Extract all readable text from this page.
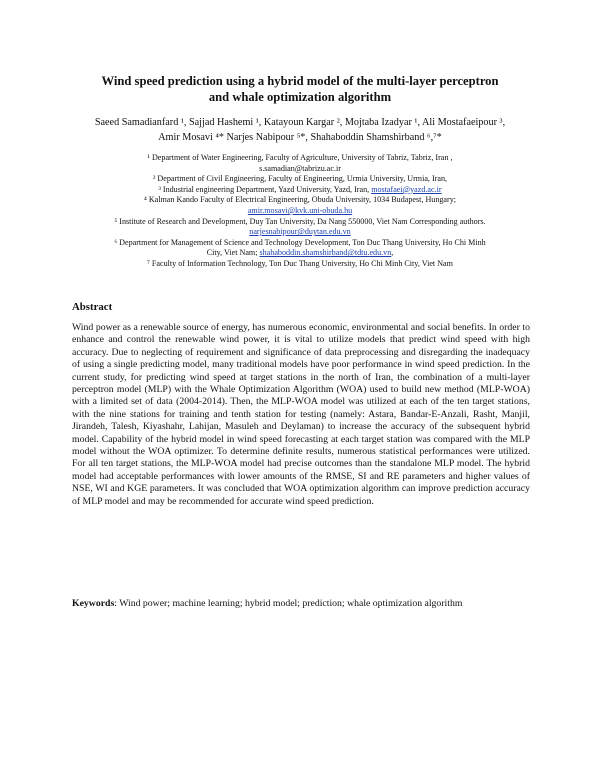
Wind speed prediction using a hybrid model of the multi-layer perceptron
and whale optimization algorithm
Saeed Samadianfard ¹, Sajjad Hashemi ¹, Katayoun Kargar ², Mojtaba Izadyar ¹, Ali Mostafaeipour ³,
Amir Mosavi ⁴* Narjes Nabipour ⁵*, Shahaboddin Shamshirband ⁶,⁷*
¹ Department of Water Engineering, Faculty of Agriculture, University of Tabriz, Tabriz, Iran ,
s.samadian@tabrizu.ac.ir
² Department of Civil Engineering, Faculty of Engineering, Urmia University, Urmia, Iran,
³ Industrial engineering Department, Yazd University, Yazd, Iran, mostafaei@yazd.ac.ir
⁴ Kalman Kando Faculty of Electrical Engineering, Obuda University, 1034 Budapest, Hungary;
amir.mosavi@kvk.uni-obuda.hu
⁵ Institute of Research and Development, Duy Tan University, Da Nang 550000, Viet Nam Corresponding authors.
narjesnabipour@duytan.edu.vn
⁶ Department for Management of Science and Technology Development, Ton Duc Thang University, Ho Chi Minh
City, Viet Nam; shahaboddin.shamshirband@tdtu.edu.vn,
⁷ Faculty of Information Technology, Ton Duc Thang University, Ho Chi Minh City, Viet Nam
Abstract

Wind power as a renewable source of energy, has numerous economic, environmental and social benefits. In order to enhance and control the renewable wind power, it is vital to utilize models that predict wind speed with high accuracy. Due to neglecting of requirement and significance of data preprocessing and disregarding the inadequacy of using a single predicting model, many traditional models have poor performance in wind speed prediction. In the current study, for predicting wind speed at target stations in the north of Iran, the combination of a multi-layer perceptron model (MLP) with the Whale Optimization Algorithm (WOA) used to build new method (MLP-WOA) with a limited set of data (2004-2014). Then, the MLP-WOA model was utilized at each of the ten target stations, with the nine stations for training and tenth station for testing (namely: Astara, Bandar-E-Anzali, Rasht, Manjil, Jirandeh, Talesh, Kiyashahr, Lahijan, Masuleh and Deylaman) to increase the accuracy of the subsequent hybrid model. Capability of the hybrid model in wind speed forecasting at each target station was compared with the MLP model without the WOA optimizer. To determine definite results, numerous statistical performances were utilized. For all ten target stations, the MLP-WOA model had precise outcomes than the standalone MLP model. The hybrid model had acceptable performances with lower amounts of the RMSE, SI and RE parameters and higher values of NSE, WI and KGE parameters. It was concluded that WOA optimization algorithm can improve prediction accuracy of MLP model and may be recommended for accurate wind speed prediction.

Keywords: Wind power; machine learning; hybrid model; prediction; whale optimization algorithm
